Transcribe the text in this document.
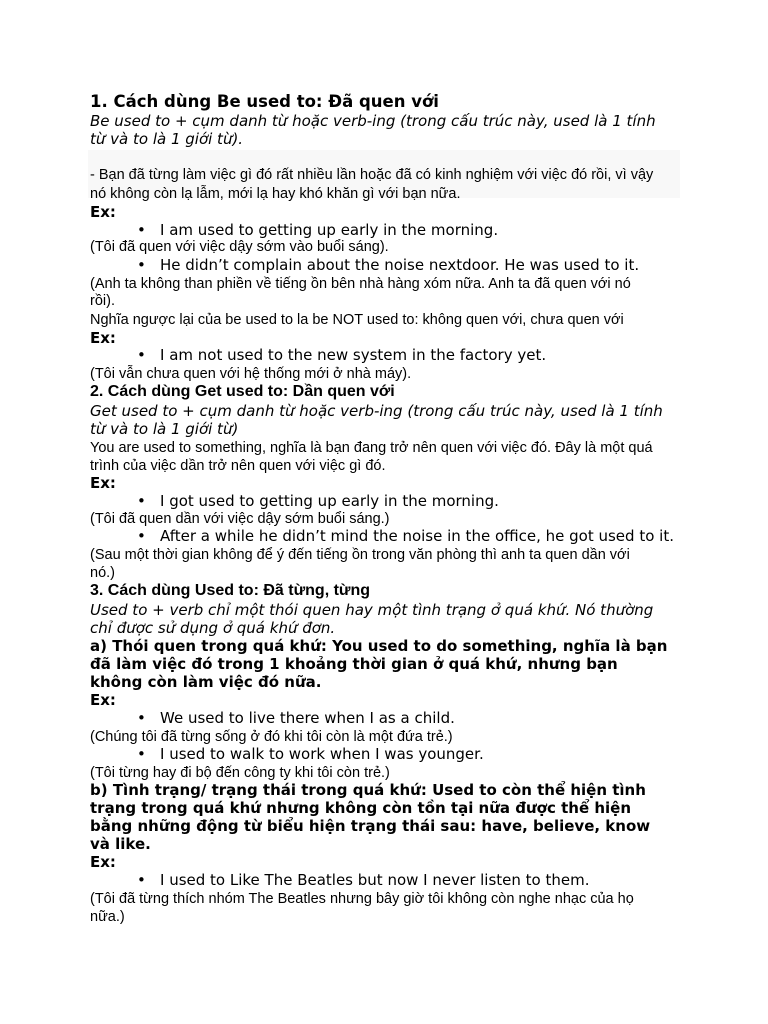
1. Cách dùng Be used to: Đã quen với
Be used to + cụm danh từ hoặc verb-ing (trong cấu trúc này, used là 1 tính
từ và to là 1 giới từ).
- Bạn đã từng làm việc gì đó rất nhiều lần hoặc đã có kinh nghiệm với việc đó rồi, vì vậy
nó không còn lạ lẫm, mới lạ hay khó khăn gì với bạn nữa.
Ex:
• I am used to getting up early in the morning.
(Tôi đã quen với việc dậy sớm vào buổi sáng).
• He didn’t complain about the noise nextdoor. He was used to it.
(Anh ta không than phiền về tiếng ồn bên nhà hàng xóm nữa. Anh ta đã quen với nó
rồi).
Nghĩa ngược lại của be used to la be NOT used to: không quen với, chưa quen với
Ex:
• I am not used to the new system in the factory yet.
(Tôi vẫn chưa quen với hệ thống mới ở nhà máy).
2. Cách dùng Get used to: Dần quen với
Get used to + cụm danh từ hoặc verb-ing (trong cấu trúc này, used là 1 tính
từ và to là 1 giới từ)
You are used to something, nghĩa là bạn đang trở nên quen với việc đó. Đây là một quá
trình của việc dần trở nên quen với việc gì đó.
Ex:
• I got used to getting up early in the morning.
(Tôi đã quen dần với việc dậy sớm buổi sáng.)
• After a while he didn’t mind the noise in the office, he got used to it.
(Sau một thời gian không để ý đến tiếng ồn trong văn phòng thì anh ta quen dần với
nó.)
3. Cách dùng Used to: Đã từng, từng
Used to + verb chỉ một thói quen hay một tình trạng ở quá khứ. Nó thường
chỉ được sử dụng ở quá khứ đơn.
a) Thói quen trong quá khứ: You used to do something, nghĩa là bạn
đã làm việc đó trong 1 khoảng thời gian ở quá khứ, nhưng bạn
không còn làm việc đó nữa.
Ex:
• We used to live there when I as a child.
(Chúng tôi đã từng sống ở đó khi tôi còn là một đứa trẻ.)
• I used to walk to work when I was younger.
(Tôi từng hay đi bộ đến công ty khi tôi còn trẻ.)
b) Tình trạng/ trạng thái trong quá khứ: Used to còn thể hiện tình
trạng trong quá khứ nhưng không còn tồn tại nữa được thể hiện
bằng những động từ biểu hiện trạng thái sau: have, believe, know
và like.
Ex:
• I used to Like The Beatles but now I never listen to them.
(Tôi đã từng thích nhóm The Beatles nhưng bây giờ tôi không còn nghe nhạc của họ
nữa.)
